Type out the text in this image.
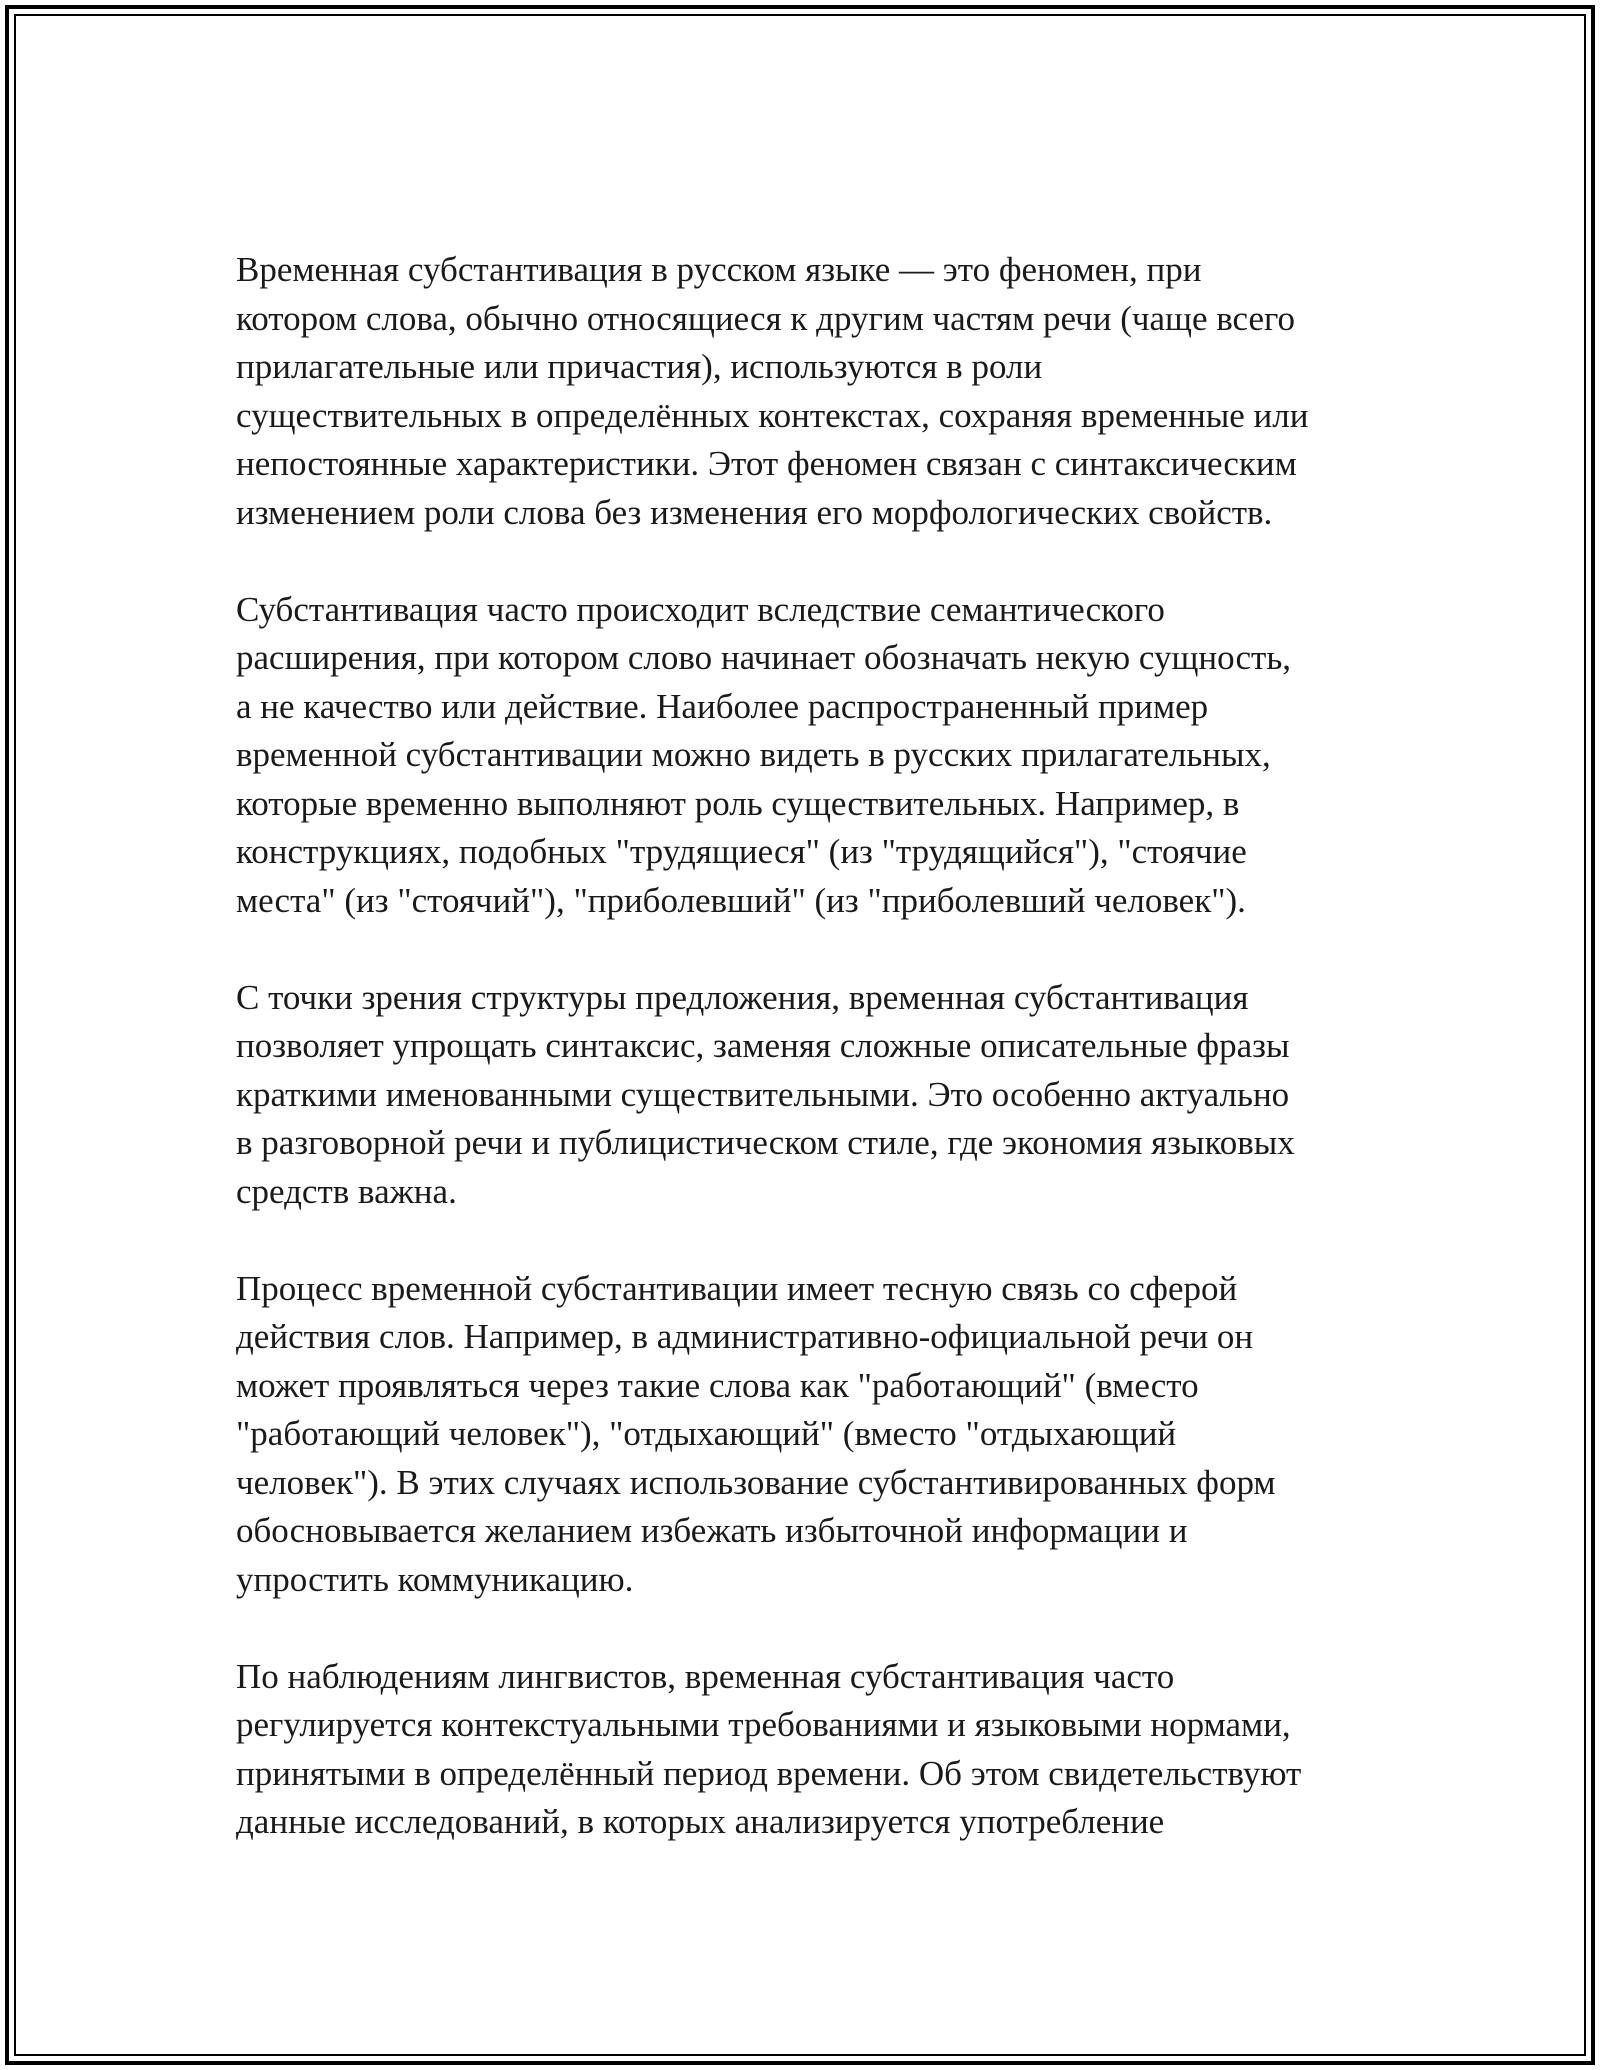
Временная субстантивация в русском языке — это феномен, при
котором слова, обычно относящиеся к другим частям речи (чаще всего
прилагательные или причастия), используются в роли
существительных в определённых контекстах, сохраняя временные или
непостоянные характеристики. Этот феномен связан с синтаксическим
изменением роли слова без изменения его морфологических свойств.

Субстантивация часто происходит вследствие семантического
расширения, при котором слово начинает обозначать некую сущность,
а не качество или действие. Наиболее распространенный пример
временной субстантивации можно видеть в русских прилагательных,
которые временно выполняют роль существительных. Например, в
конструкциях, подобных "трудящиеся" (из "трудящийся"), "стоячие
места" (из "стоячий"), "приболевший" (из "приболевший человек").

С точки зрения структуры предложения, временная субстантивация
позволяет упрощать синтаксис, заменяя сложные описательные фразы
краткими именованными существительными. Это особенно актуально
в разговорной речи и публицистическом стиле, где экономия языковых
средств важна.

Процесс временной субстантивации имеет тесную связь со сферой
действия слов. Например, в административно-официальной речи он
может проявляться через такие слова как "работающий" (вместо
"работающий человек"), "отдыхающий" (вместо "отдыхающий
человек"). В этих случаях использование субстантивированных форм
обосновывается желанием избежать избыточной информации и
упростить коммуникацию.

По наблюдениям лингвистов, временная субстантивация часто
регулируется контекстуальными требованиями и языковыми нормами,
принятыми в определённый период времени. Об этом свидетельствуют
данные исследований, в которых анализируется употребление
